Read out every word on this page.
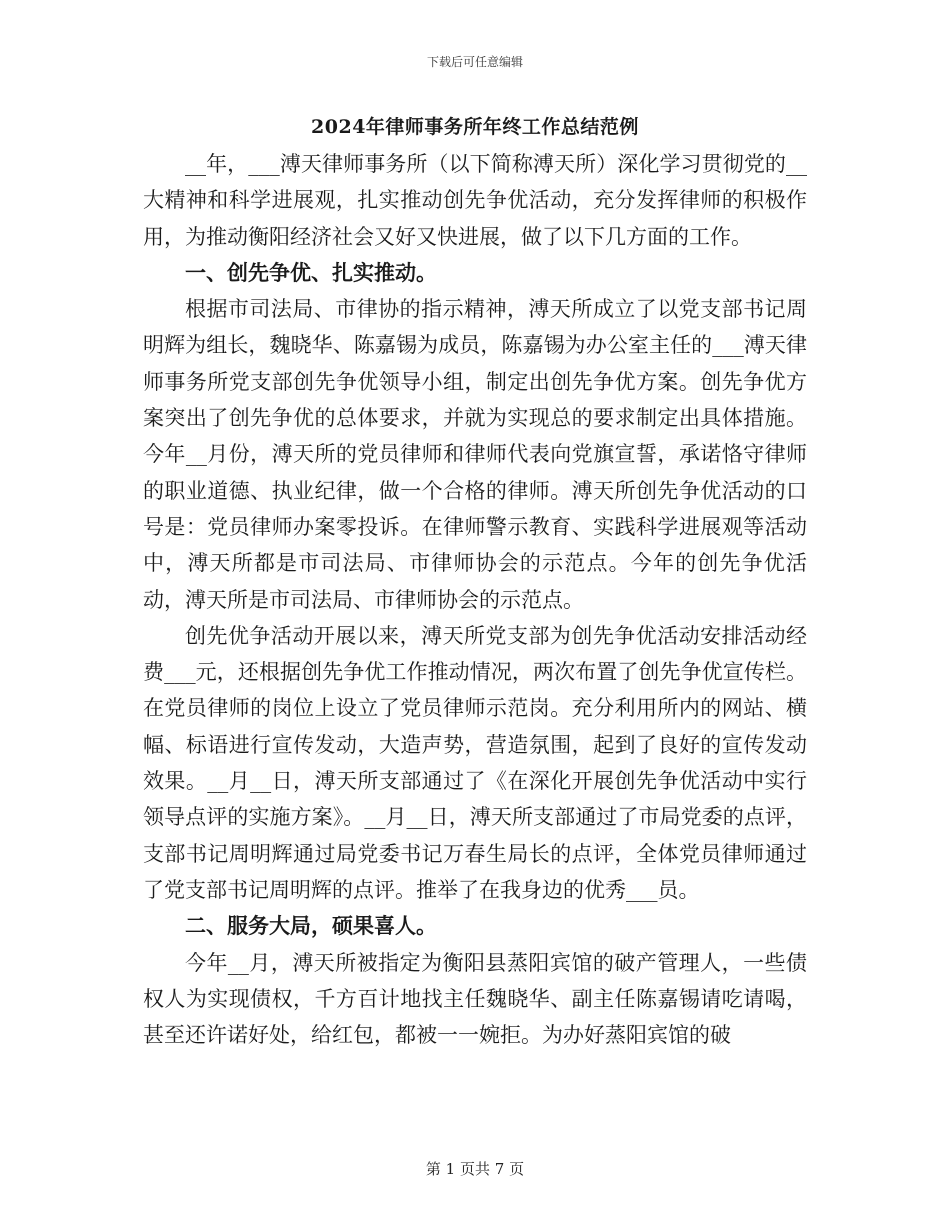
下载后可任意编辑
2024年律师事务所年终工作总结范例

__年，___溥天律师事务所（以下简称溥天所）深化学习贯彻党的__大精神和科学进展观，扎实推动创先争优活动，充分发挥律师的积极作用，为推动衡阳经济社会又好又快进展，做了以下几方面的工作。

一、创先争优、扎实推动。

根据市司法局、市律协的指示精神，溥天所成立了以党支部书记周明辉为组长，魏晓华、陈嘉锡为成员，陈嘉锡为办公室主任的___溥天律师事务所党支部创先争优领导小组，制定出创先争优方案。创先争优方案突出了创先争优的总体要求，并就为实现总的要求制定出具体措施。今年__月份，溥天所的党员律师和律师代表向党旗宣誓，承诺恪守律师的职业道德、执业纪律，做一个合格的律师。溥天所创先争优活动的口号是：党员律师办案零投诉。在律师警示教育、实践科学进展观等活动中，溥天所都是市司法局、市律师协会的示范点。今年的创先争优活动，溥天所是市司法局、市律师协会的示范点。

创先优争活动开展以来，溥天所党支部为创先争优活动安排活动经费___元，还根据创先争优工作推动情况，两次布置了创先争优宣传栏。在党员律师的岗位上设立了党员律师示范岗。充分利用所内的网站、横幅、标语进行宣传发动，大造声势，营造氛围，起到了良好的宣传发动效果。__月__日，溥天所支部通过了《在深化开展创先争优活动中实行领导点评的实施方案》。__月__日，溥天所支部通过了市局党委的点评，支部书记周明辉通过局党委书记万春生局长的点评，全体党员律师通过了党支部书记周明辉的点评。推举了在我身边的优秀___员。

二、服务大局，硕果喜人。

今年__月，溥天所被指定为衡阳县蒸阳宾馆的破产管理人，一些债权人为实现债权，千方百计地找主任魏晓华、副主任陈嘉锡请吃请喝，甚至还许诺好处，给红包，都被一一婉拒。为办好蒸阳宾馆的破

第 1 页共 7 页
